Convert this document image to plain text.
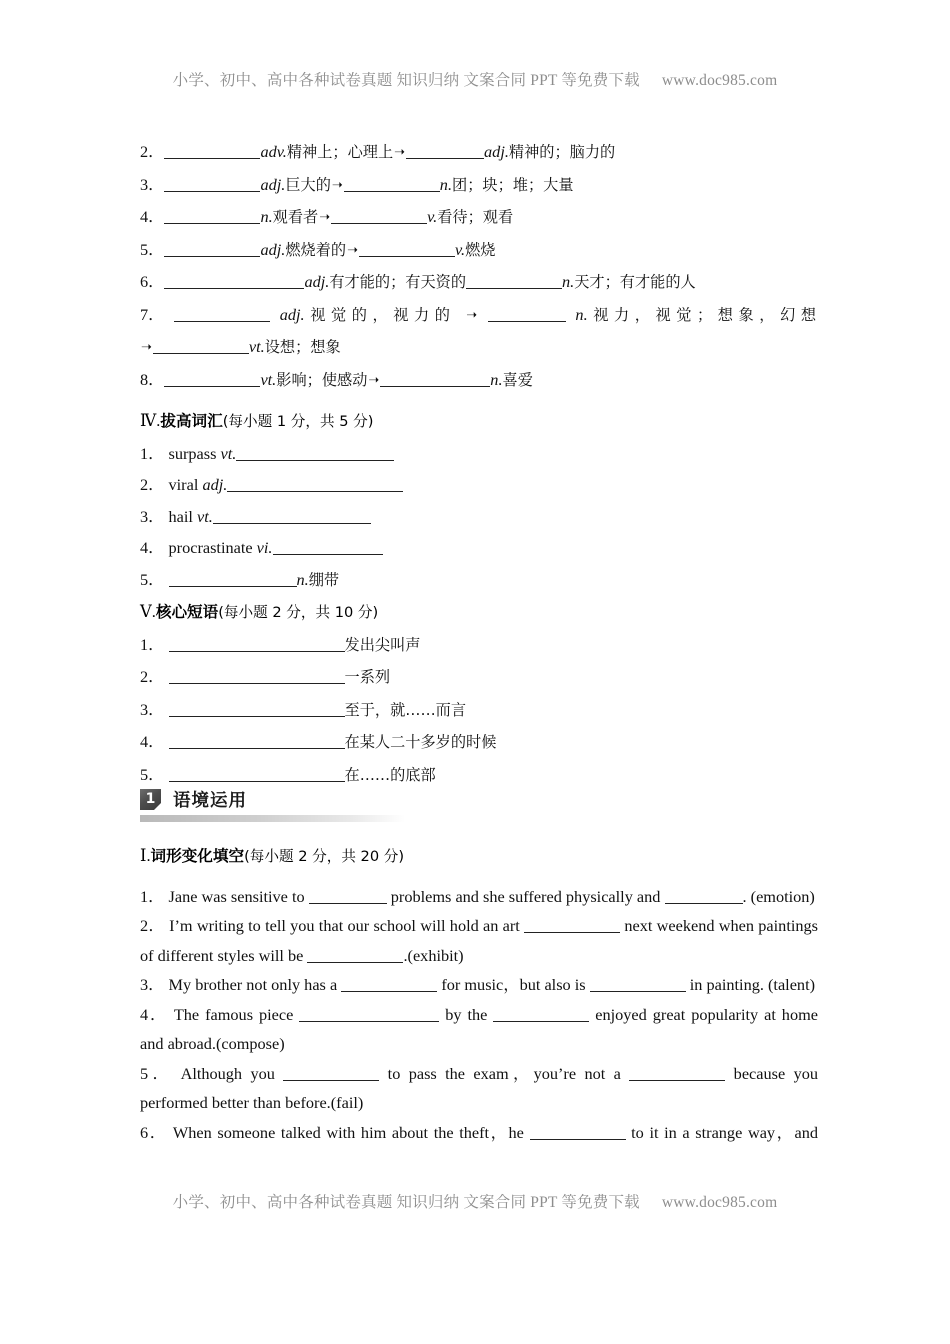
小学、初中、高中各种试卷真题 知识归纳 文案合同 PPT 等免费下载 www.doc985.com

2．	adv.精神上；心理上➝	adj.精神的；脑力的

3．	adj.巨大的➝	n.团；块；堆；大量

4．	n.观看者➝	v.看待；观看

5．	adj.燃烧着的➝	v.燃烧

6．	adj.有才能的；有天资的	n.天才；有才能的人

7．	adj.视觉的，视力的 ➝	n.视力，视觉；想象，幻想

➝	vt.设想；想象

8．	vt.影响；使感动➝	n.喜爱

Ⅳ.拔高词汇(每小题 1 分，共 5 分)

1． surpass vt.

2． viral adj.

3． hail vt.

4． procrastinate vi.

5．	n.绷带

Ⅴ.核心短语(每小题 2 分，共 10 分)

1．	发出尖叫声

2．	一系列

3．	至于，就……而言

4．	在某人二十多岁的时候

5．	在……的底部

1	语境运用

Ⅰ.词形变化填空(每小题 2 分，共 20 分)

1． Jane was sensitive to	problems and she suffered physically and	. (emotion)

2． I’m writing to tell you that our school will hold an art	next weekend when paintings of different styles will be	.(exhibit)

3． My brother not only has a	for music，but also is	in painting. (talent)

4． The famous piece	by the	enjoyed great popularity at home and abroad.(compose)

5． Although you	to pass the exam，you’re not a	because you performed better than before.(fail)

6． When someone talked with him about the theft，he	to it in a strange way，and

小学、初中、高中各种试卷真题 知识归纳 文案合同 PPT 等免费下载 www.doc985.com
